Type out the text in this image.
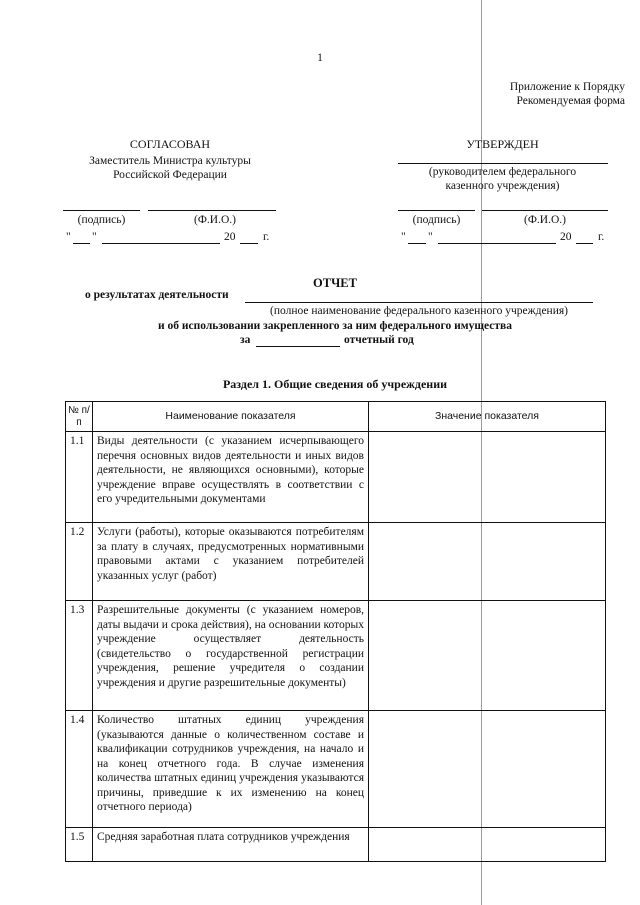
1
Приложение к Порядку
Рекомендуемая форма
СОГЛАСОВАН
Заместитель Министра культуры
Российской Федерации
(подпись)	(Ф.И.О.)
" "	20 г.
УТВЕРЖДЕН
(руководителем федерального
казенного учреждения)
(подпись)	(Ф.И.О.)
" "	20 г.
ОТЧЕТ
о результатах деятельности
(полное наименование федерального казенного учреждения)
и об использовании закрепленного за ним федерального имущества
за	отчетный год
Раздел 1. Общие сведения об учреждении
№ п/п	Наименование показателя	Значение показателя
1.1	Виды деятельности (с указанием исчерпывающего перечня основных видов деятельности и иных видов деятельности, не являющихся основными), которые учреждение вправе осуществлять в соответствии с его учредительными документами	
1.2	Услуги (работы), которые оказываются потребителям за плату в случаях, предусмотренных нормативными правовыми актами с указанием потребителей указанных услуг (работ)	
1.3	Разрешительные документы (с указанием номеров, даты выдачи и срока действия), на основании которых учреждение осуществляет деятельность (свидетельство о государственной регистрации учреждения, решение учредителя о создании учреждения и другие разрешительные документы)	
1.4	Количество штатных единиц учреждения (указываются данные о количественном составе и квалификации сотрудников учреждения, на начало и на конец отчетного года. В случае изменения количества штатных единиц учреждения указываются причины, приведшие к их изменению на конец отчетного периода)	
1.5	Средняя заработная плата сотрудников учреждения	
